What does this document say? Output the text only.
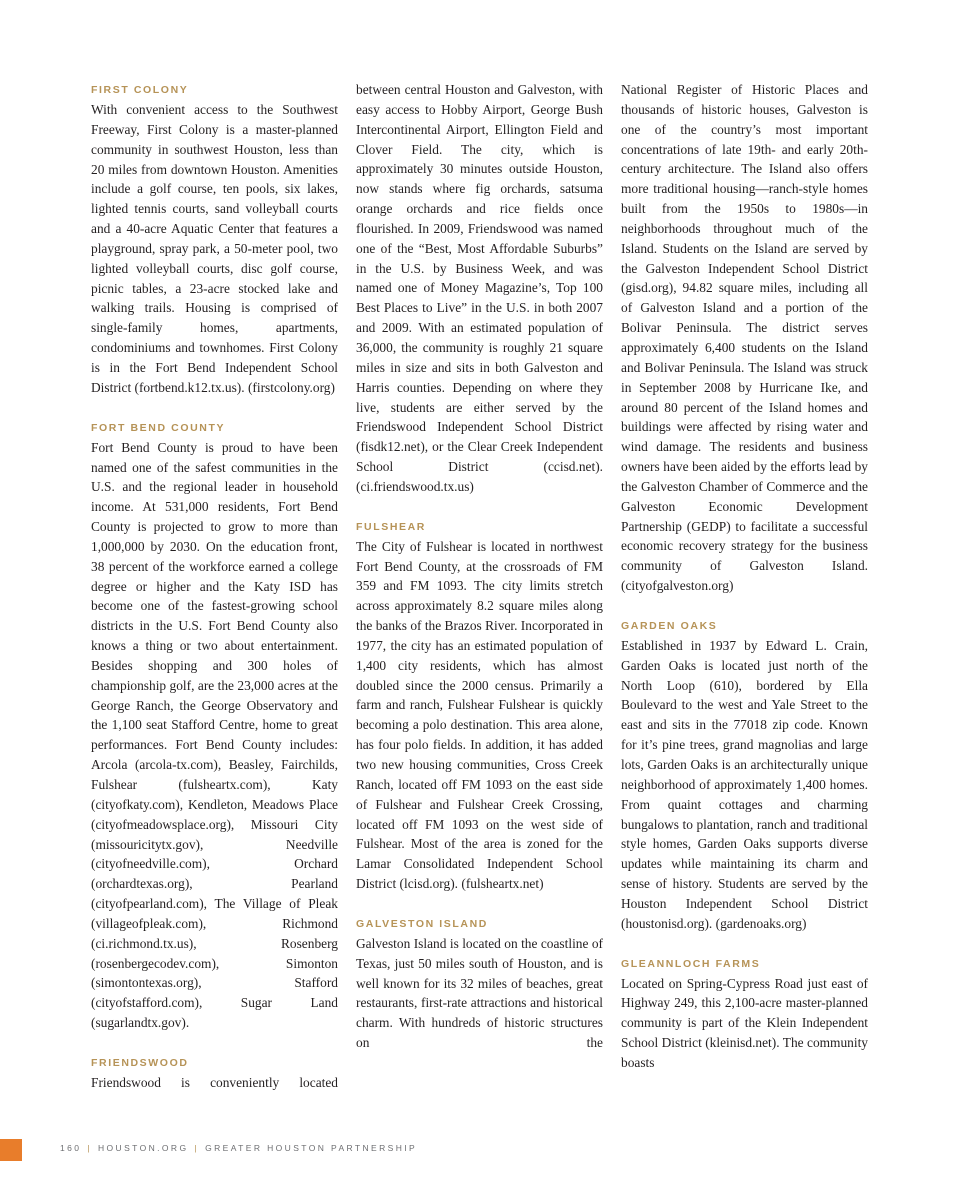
FIRST COLONY

With convenient access to the Southwest Freeway, First Colony is a master-planned community in southwest Houston, less than 20 miles from downtown Houston. Amenities include a golf course, ten pools, six lakes, lighted tennis courts, sand volleyball courts and a 40-acre Aquatic Center that features a playground, spray park, a 50-meter pool, two lighted volleyball courts, disc golf course, picnic tables, a 23-acre stocked lake and walking trails. Housing is comprised of single-family homes, apartments, condominiums and townhomes. First Colony is in the Fort Bend Independent School District (fortbend.k12.tx.us). (firstcolony.org)

FORT BEND COUNTY

Fort Bend County is proud to have been named one of the safest communities in the U.S. and the regional leader in household income. At 531,000 residents, Fort Bend County is projected to grow to more than 1,000,000 by 2030. On the education front, 38 percent of the workforce earned a college degree or higher and the Katy ISD has become one of the fastest-growing school districts in the U.S. Fort Bend County also knows a thing or two about entertainment. Besides shopping and 300 holes of championship golf, are the 23,000 acres at the George Ranch, the George Observatory and the 1,100 seat Stafford Centre, home to great performances. Fort Bend County includes: Arcola (arcola-tx.com), Beasley, Fairchilds, Fulshear (fulsheartx.com), Katy (cityofkaty.com), Kendleton, Meadows Place (cityofmeadowsplace.org), Missouri City (missouricitytx.gov), Needville (cityofneedville.com), Orchard (orchardtexas.org), Pearland (cityofpearland.com), The Village of Pleak (villageofpleak.com), Richmond (ci.richmond.tx.us), Rosenberg (rosenbergecodev.com), Simonton (simontontexas.org), Stafford (cityofstafford.com), Sugar Land (sugarlandtx.gov).

FRIENDSWOOD

Friendswood is conveniently located

between central Houston and Galveston, with easy access to Hobby Airport, George Bush Intercontinental Airport, Ellington Field and Clover Field. The city, which is approximately 30 minutes outside Houston, now stands where fig orchards, satsuma orange orchards and rice fields once flourished. In 2009, Friendswood was named one of the “Best, Most Affordable Suburbs” in the U.S. by Business Week, and was named one of Money Magazine’s, Top 100 Best Places to Live” in the U.S. in both 2007 and 2009. With an estimated population of 36,000, the community is roughly 21 square miles in size and sits in both Galveston and Harris counties. Depending on where they live, students are either served by the Friendswood Independent School District (fisdk12.net), or the Clear Creek Independent School District (ccisd.net). (ci.friendswood.tx.us)

FULSHEAR

The City of Fulshear is located in northwest Fort Bend County, at the crossroads of FM 359 and FM 1093. The city limits stretch across approximately 8.2 square miles along the banks of the Brazos River. Incorporated in 1977, the city has an estimated population of 1,400 city residents, which has almost doubled since the 2000 census. Primarily a farm and ranch, Fulshear Fulshear is quickly becoming a polo destination. This area alone, has four polo fields. In addition, it has added two new housing communities, Cross Creek Ranch, located off FM 1093 on the east side of Fulshear and Fulshear Creek Crossing, located off FM 1093 on the west side of Fulshear. Most of the area is zoned for the Lamar Consolidated Independent School District (lcisd.org). (fulsheartx.net)

GALVESTON ISLAND

Galveston Island is located on the coastline of Texas, just 50 miles south of Houston, and is well known for its 32 miles of beaches, great restaurants, first-rate attractions and historical charm. With hundreds of historic structures on the

National Register of Historic Places and thousands of historic houses, Galveston is one of the country’s most important concentrations of late 19th- and early 20th-century architecture. The Island also offers more traditional housing—ranch-style homes built from the 1950s to 1980s—in neighborhoods throughout much of the Island. Students on the Island are served by the Galveston Independent School District (gisd.org), 94.82 square miles, including all of Galveston Island and a portion of the Bolivar Peninsula. The district serves approximately 6,400 students on the Island and Bolivar Peninsula. The Island was struck in September 2008 by Hurricane Ike, and around 80 percent of the Island homes and buildings were affected by rising water and wind damage. The residents and business owners have been aided by the efforts lead by the Galveston Chamber of Commerce and the Galveston Economic Development Partnership (GEDP) to facilitate a successful economic recovery strategy for the business community of Galveston Island. (cityofgalveston.org)

GARDEN OAKS

Established in 1937 by Edward L. Crain, Garden Oaks is located just north of the North Loop (610), bordered by Ella Boulevard to the west and Yale Street to the east and sits in the 77018 zip code. Known for it’s pine trees, grand magnolias and large lots, Garden Oaks is an architecturally unique neighborhood of approximately 1,400 homes. From quaint cottages and charming bungalows to plantation, ranch and traditional style homes, Garden Oaks supports diverse updates while maintaining its charm and sense of history. Students are served by the Houston Independent School District (houstonisd.org). (gardenoaks.org)

GLEANNLOCH FARMS

Located on Spring-Cypress Road just east of Highway 249, this 2,100-acre master-planned community is part of the Klein Independent School District (kleinisd.net). The community boasts

160 | HOUSTON.ORG | GREATER HOUSTON PARTNERSHIP
